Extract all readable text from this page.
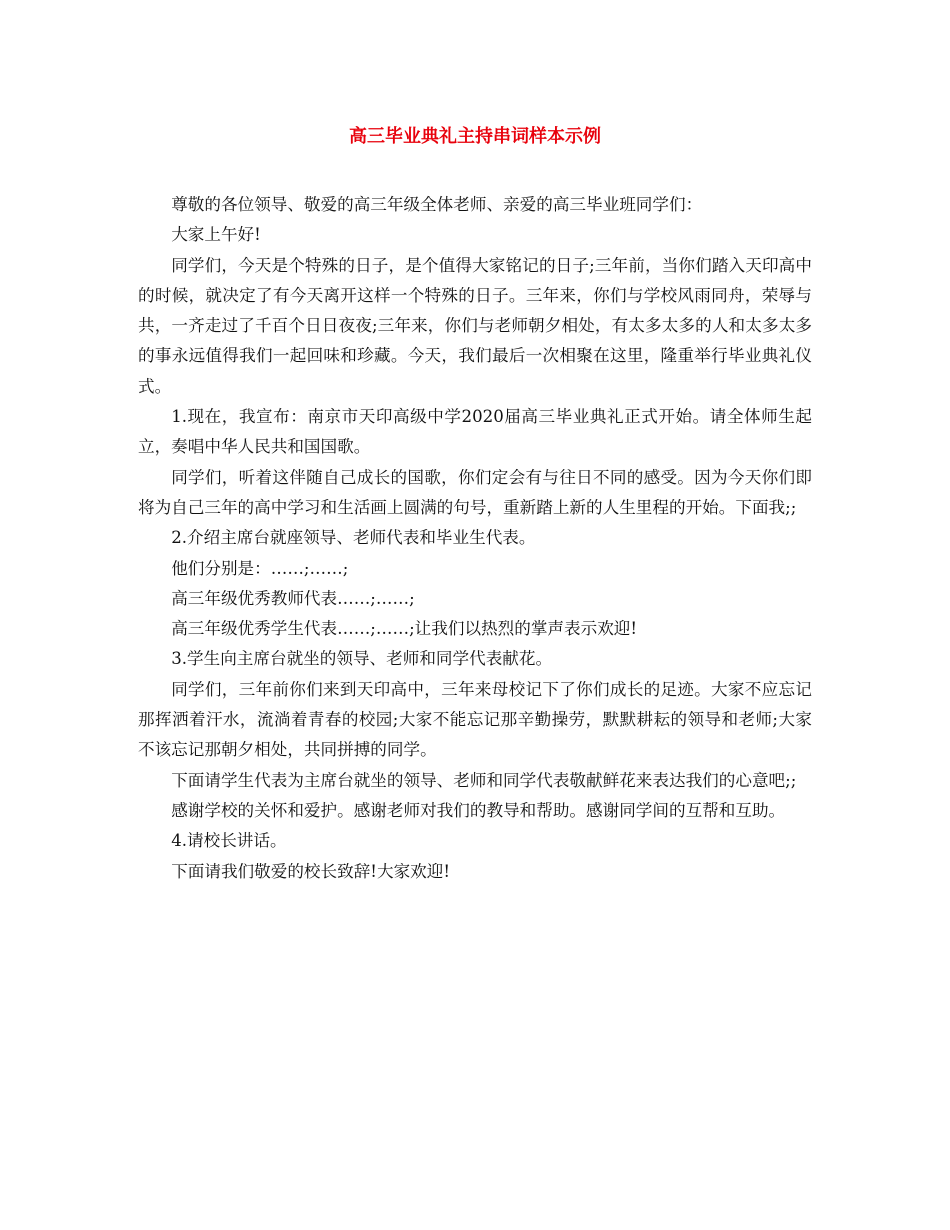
高三毕业典礼主持串词样本示例

尊敬的各位领导、敬爱的高三年级全体老师、亲爱的高三毕业班同学们：

大家上午好!

同学们，今天是个特殊的日子，是个值得大家铭记的日子;三年前，当你们踏入天印高中的时候，就决定了有今天离开这样一个特殊的日子。三年来，你们与学校风雨同舟，荣辱与共，一齐走过了千百个日日夜夜;三年来，你们与老师朝夕相处，有太多太多的人和太多太多的事永远值得我们一起回味和珍藏。今天，我们最后一次相聚在这里，隆重举行毕业典礼仪式。

1.现在，我宣布：南京市天印高级中学2020届高三毕业典礼正式开始。请全体师生起立，奏唱中华人民共和国国歌。

同学们，听着这伴随自己成长的国歌，你们定会有与往日不同的感受。因为今天你们即将为自己三年的高中学习和生活画上圆满的句号，重新踏上新的人生里程的开始。下面我;;

2.介绍主席台就座领导、老师代表和毕业生代表。

他们分别是：……;……;

高三年级优秀教师代表……;……;

高三年级优秀学生代表……;……;让我们以热烈的掌声表示欢迎!

3.学生向主席台就坐的领导、老师和同学代表献花。

同学们，三年前你们来到天印高中，三年来母校记下了你们成长的足迹。大家不应忘记那挥洒着汗水，流淌着青春的校园;大家不能忘记那辛勤操劳，默默耕耘的领导和老师;大家不该忘记那朝夕相处，共同拼搏的同学。

下面请学生代表为主席台就坐的领导、老师和同学代表敬献鲜花来表达我们的心意吧;;

感谢学校的关怀和爱护。感谢老师对我们的教导和帮助。感谢同学间的互帮和互助。

4.请校长讲话。

下面请我们敬爱的校长致辞!大家欢迎!
